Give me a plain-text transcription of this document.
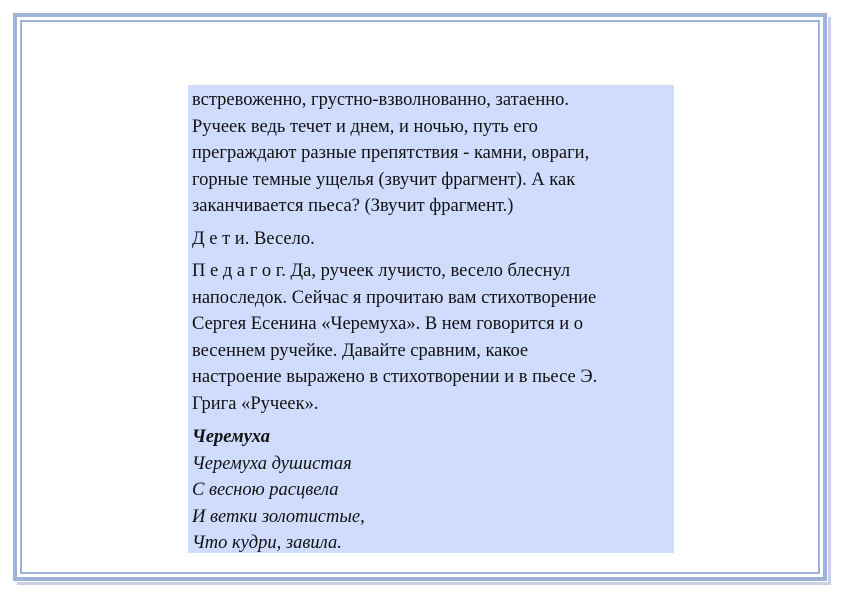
встревоженно, грустно-взволнованно, затаенно.
Ручеек ведь течет и днем, и ночью, путь его
преграждают разные препятствия - камни, овраги,
горные темные ущелья (звучит фрагмент). А как
заканчивается пьеса? (Звучит фрагмент.)

Д е т и. Весело.

П е д а г о г. Да, ручеек лучисто, весело блеснул
напоследок. Сейчас я прочитаю вам стихотворение
Сергея Есенина «Черемуха». В нем говорится и о
весеннем ручейке. Давайте сравним, какое
настроение выражено в стихотворении и в пьесе Э.
Грига «Ручеек».

Черемуха
Черемуха душистая
С весною расцвела
И ветки золотистые,
Что кудри, завила.
